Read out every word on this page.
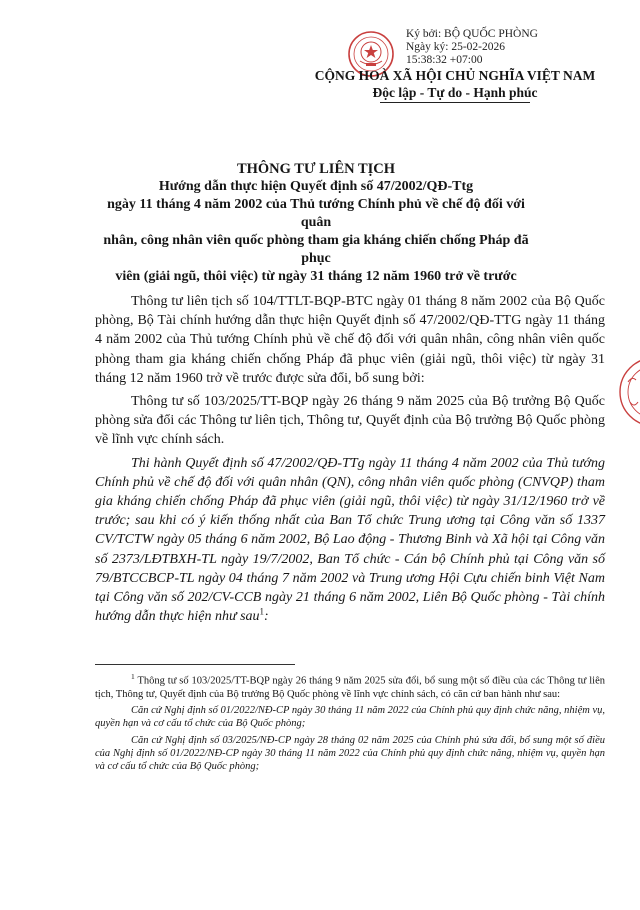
Ký bởi: BỘ QUỐC PHÒNG
Ngày ký: 25-02-2026
15:38:32 +07:00
CỘNG HOÀ XÃ HỘI CHỦ NGHĨA VIỆT NAM
Độc lập - Tự do - Hạnh phúc
THÔNG TƯ LIÊN TỊCH
Hướng dẫn thực hiện Quyết định số 47/2002/QĐ-Ttg
ngày 11 tháng 4 năm 2002 của Thủ tướng Chính phủ về chế độ đối với quân
nhân, công nhân viên quốc phòng tham gia kháng chiến chống Pháp đã phục
viên (giải ngũ, thôi việc) từ ngày 31 tháng 12 năm 1960 trở về trước

Thông tư liên tịch số 104/TTLT-BQP-BTC ngày 01 tháng 8 năm 2002 của Bộ Quốc phòng, Bộ Tài chính hướng dẫn thực hiện Quyết định số 47/2002/QĐ-TTG ngày 11 tháng 4 năm 2002 của Thủ tướng Chính phủ về chế độ đối với quân nhân, công nhân viên quốc phòng tham gia kháng chiến chống Pháp đã phục viên (giải ngũ, thôi việc) từ ngày 31 tháng 12 năm 1960 trở về trước được sửa đổi, bổ sung bởi:

Thông tư số 103/2025/TT-BQP ngày 26 tháng 9 năm 2025 của Bộ trưởng Bộ Quốc phòng sửa đổi các Thông tư liên tịch, Thông tư, Quyết định của Bộ trưởng Bộ Quốc phòng về lĩnh vực chính sách.

Thi hành Quyết định số 47/2002/QĐ-TTg ngày 11 tháng 4 năm 2002 của Thủ tướng Chính phủ về chế độ đối với quân nhân (QN), công nhân viên quốc phòng (CNVQP) tham gia kháng chiến chống Pháp đã phục viên (giải ngũ, thôi việc) từ ngày 31/12/1960 trở về trước; sau khi có ý kiến thống nhất của Ban Tổ chức Trung ương tại Công văn số 1337 CV/TCTW ngày 05 tháng 6 năm 2002, Bộ Lao động - Thương Binh và Xã hội tại Công văn số 2373/LĐTBXH-TL ngày 19/7/2002, Ban Tổ chức - Cán bộ Chính phủ tại Công văn số 79/BTCCBCP-TL ngày 04 tháng 7 năm 2002 và Trung ương Hội Cựu chiến binh Việt Nam tại Công văn số 202/CV-CCB ngày 21 tháng 6 năm 2002, Liên Bộ Quốc phòng - Tài chính hướng dẫn thực hiện như sau$^1$:

$^1$ Thông tư số 103/2025/TT-BQP ngày 26 tháng 9 năm 2025 sửa đổi, bổ sung một số điều của các Thông tư liên tịch, Thông tư, Quyết định của Bộ trưởng Bộ Quốc phòng về lĩnh vực chính sách, có căn cứ ban hành như sau:

Căn cứ Nghị định số 01/2022/NĐ-CP ngày 30 tháng 11 năm 2022 của Chính phủ quy định chức năng, nhiệm vụ, quyền hạn và cơ cấu tổ chức của Bộ Quốc phòng;

Căn cứ Nghị định số 03/2025/NĐ-CP ngày 28 tháng 02 năm 2025 của Chính phủ sửa đổi, bổ sung một số điều của Nghị định số 01/2022/NĐ-CP ngày 30 tháng 11 năm 2022 của Chính phủ quy định chức năng, nhiệm vụ, quyền hạn và cơ cấu tổ chức của Bộ Quốc phòng;
